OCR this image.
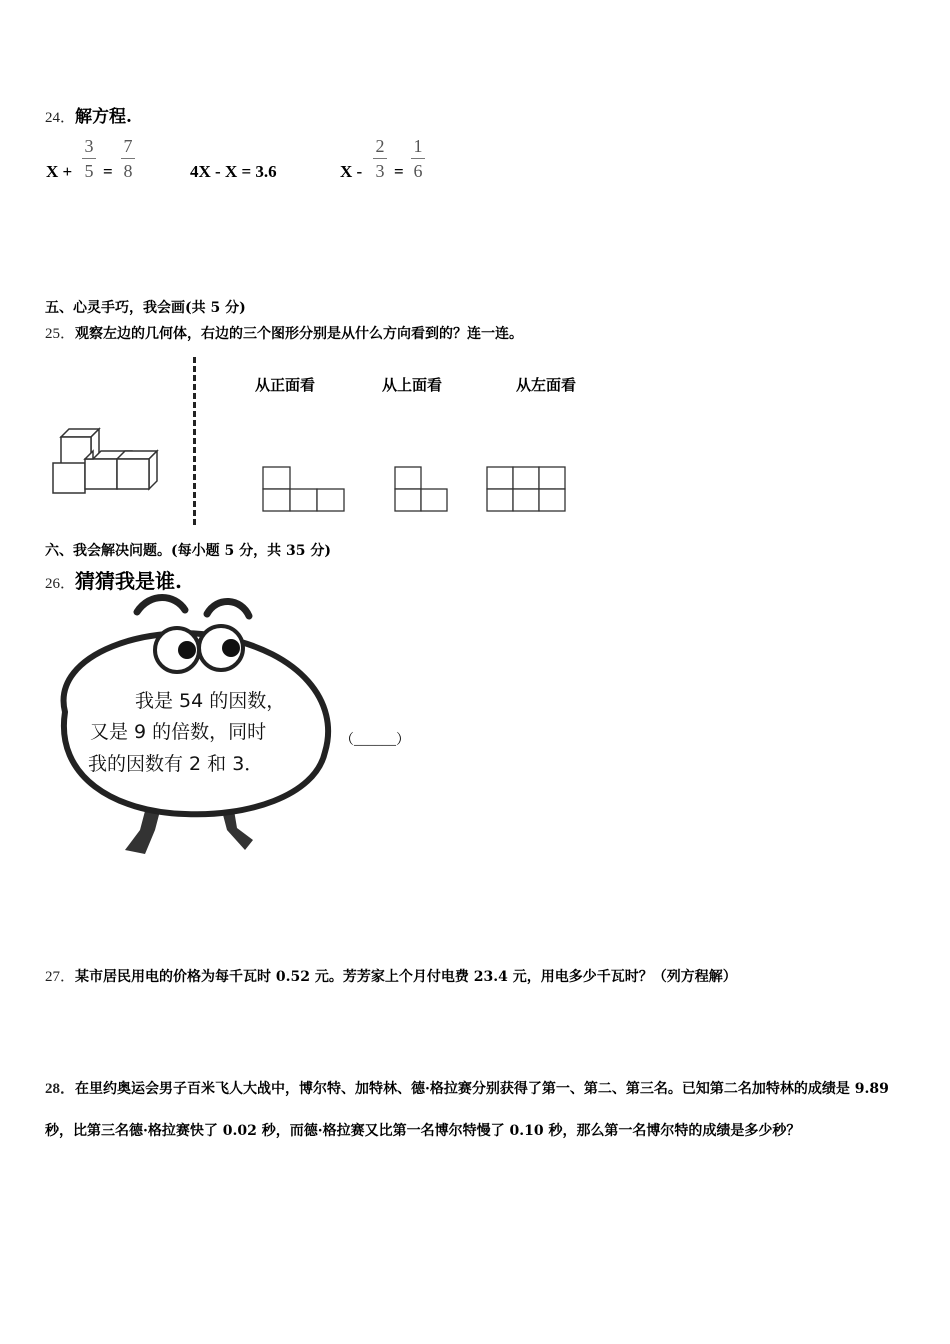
24．解方程.
X +
3
5 =
7
8	4X - X = 3.6	X -
2
3 =
1
6
五、心灵手巧，我会画(共 5 分)
25．观察左边的几何体，右边的三个图形分别是从什么方向看到的？连一连。
从正面看	从上面看	从左面看
六、我会解决问题。(每小题 5 分，共 35 分)
26．猜猜我是谁.
我是 54 的因数，
又是 9 的倍数，同时
我的因数有 2 和 3．
（______）
27．某市居民用电的价格为每千瓦时 0.52 元。芳芳家上个月付电费 23.4 元，用电多少千瓦时？（列方程解）
28．在里约奥运会男子百米飞人大战中，博尔特、加特林、德·格拉赛分别获得了第一、第二、第三名。已知第二名加特林的成绩是 9.89 秒，比第三名德·格拉赛快了 0.02 秒，而德·格拉赛又比第一名博尔特慢了 0.10 秒，那么第一名博尔特的成绩是多少秒？
